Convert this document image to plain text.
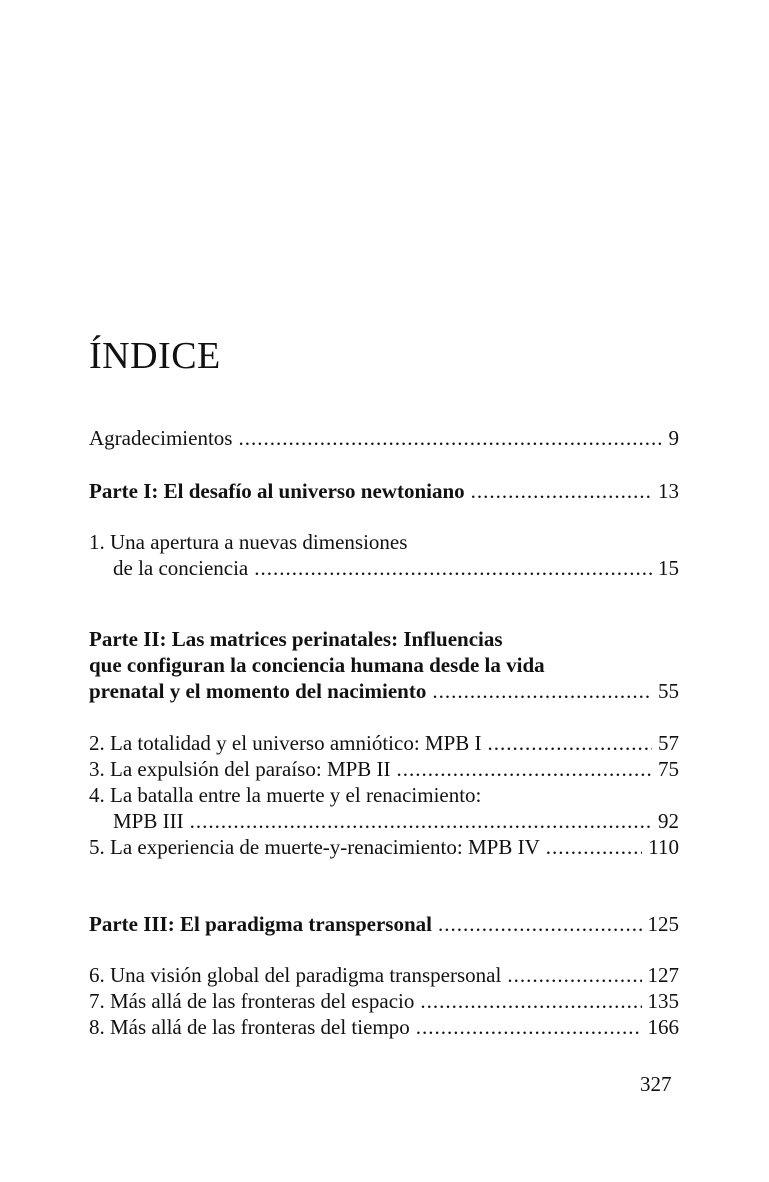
ÍNDICE
Agradecimientos .....	9
Parte I: El desafío al universo newtoniano .....	13
1. Una apertura a nuevas dimensiones
de la conciencia .....	15
Parte II: Las matrices perinatales: Influencias
que configuran la conciencia humana desde la vida
prenatal y el momento del nacimiento .....	55
2. La totalidad y el universo amniótico: MPB I .....	57
3. La expulsión del paraíso: MPB II .....	75
4. La batalla entre la muerte y el renacimiento:
MPB III .....	92
5. La experiencia de muerte-y-renacimiento: MPB IV .....	110
Parte III: El paradigma transpersonal .....	125
6. Una visión global del paradigma transpersonal .....	127
7. Más allá de las fronteras del espacio .....	135
8. Más allá de las fronteras del tiempo .....	166
327
